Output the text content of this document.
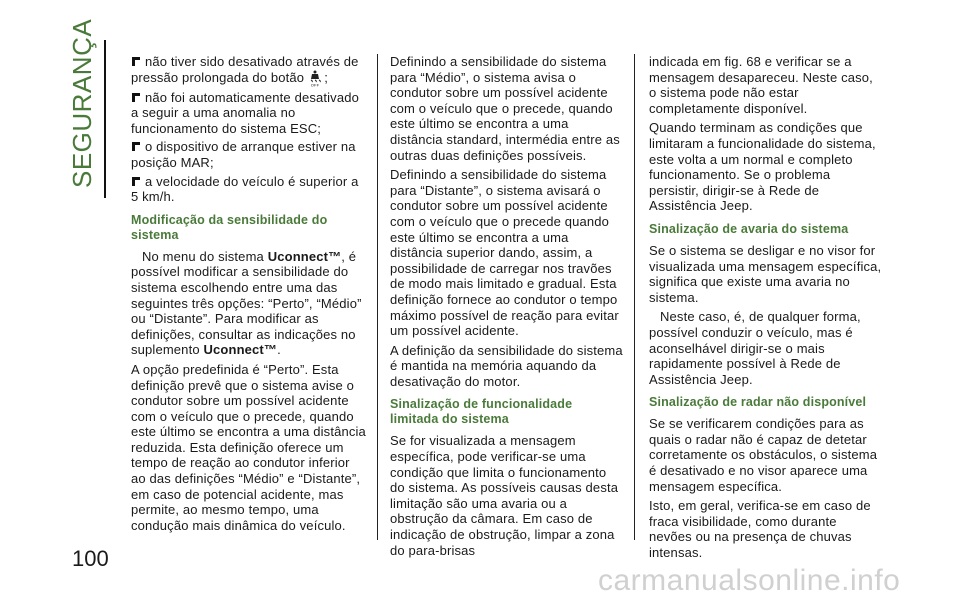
SEGURANÇA
100

não tiver sido desativado através de pressão prolongada do botão OFF ;

não foi automaticamente desativado a seguir a uma anomalia no funcionamento do sistema ESC;

o dispositivo de arranque estiver na posição MAR;

a velocidade do veículo é superior a 5 km/h.

Modificação da sensibilidade do sistema

No menu do sistema Uconnect™, é possível modificar a sensibilidade do sistema escolhendo entre uma das seguintes três opções: “Perto”, “Médio” ou “Distante”. Para modificar as definições, consultar as indicações no suplemento Uconnect™.

A opção predefinida é “Perto”. Esta definição prevê que o sistema avise o condutor sobre um possível acidente com o veículo que o precede, quando este último se encontra a uma distância reduzida. Esta definição oferece um tempo de reação ao condutor inferior ao das definições “Médio” e “Distante”, em caso de potencial acidente, mas permite, ao mesmo tempo, uma condução mais dinâmica do veículo.

Definindo a sensibilidade do sistema para “Médio”, o sistema avisa o condutor sobre um possível acidente com o veículo que o precede, quando este último se encontra a uma distância standard, intermédia entre as outras duas definições possíveis.

Definindo a sensibilidade do sistema para “Distante”, o sistema avisará o condutor sobre um possível acidente com o veículo que o precede quando este último se encontra a uma distância superior dando, assim, a possibilidade de carregar nos travões de modo mais limitado e gradual. Esta definição fornece ao condutor o tempo máximo possível de reação para evitar um possível acidente.

A definição da sensibilidade do sistema é mantida na memória aquando da desativação do motor.

Sinalização de funcionalidade limitada do sistema

Se for visualizada a mensagem específica, pode verificar-se uma condição que limita o funcionamento do sistema. As possíveis causas desta limitação são uma avaria ou a obstrução da câmara. Em caso de indicação de obstrução, limpar a zona do para-brisas

indicada em fig. 68 e verificar se a mensagem desapareceu. Neste caso, o sistema pode não estar completamente disponível.

Quando terminam as condições que limitaram a funcionalidade do sistema, este volta a um normal e completo funcionamento. Se o problema persistir, dirigir-se à Rede de Assistência Jeep.

Sinalização de avaria do sistema

Se o sistema se desligar e no visor for visualizada uma mensagem específica, significa que existe uma avaria no sistema.

Neste caso, é, de qualquer forma, possível conduzir o veículo, mas é aconselhável dirigir-se o mais rapidamente possível à Rede de Assistência Jeep.

Sinalização de radar não disponível

Se se verificarem condições para as quais o radar não é capaz de detetar corretamente os obstáculos, o sistema é desativado e no visor aparece uma mensagem específica.

Isto, em geral, verifica-se em caso de fraca visibilidade, como durante nevões ou na presença de chuvas intensas.

carmanualsonline.info
